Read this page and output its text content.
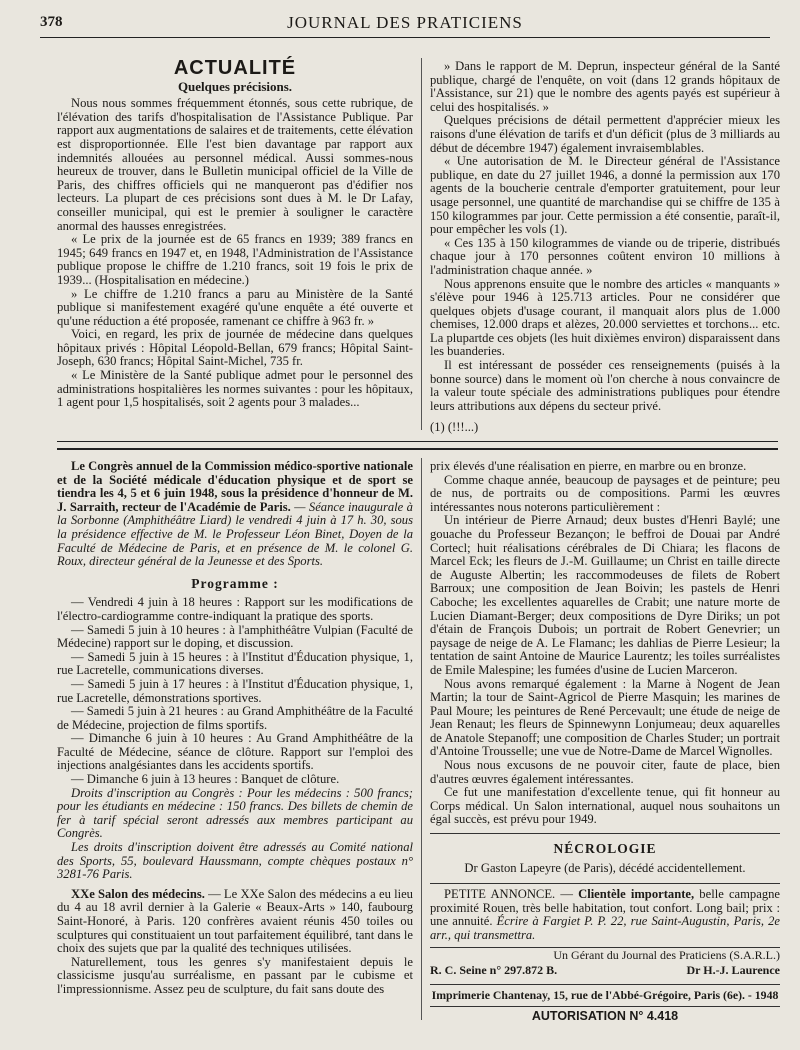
378	JOURNAL DES PRATICIENS
ACTUALITÉ
Quelques précisions.

Nous nous sommes fréquemment étonnés, sous cette rubrique, de l'élévation des tarifs d'hospitalisation de l'Assistance Publique. Par rapport aux augmentations de salaires et de traitements, cette élévation est disproportionnée. Elle l'est bien davantage par rapport aux indemnités allouées au personnel médical. Aussi sommes-nous heureux de trouver, dans le Bulletin municipal officiel de la Ville de Paris, des chiffres officiels qui ne manqueront pas d'édifier nos lecteurs. La plupart de ces précisions sont dues à M. le Dr Lafay, conseiller municipal, qui est le premier à souligner le caractère anormal des hausses enregistrées.

« Le prix de la journée est de 65 francs en 1939; 389 francs en 1945; 649 francs en 1947 et, en 1948, l'Administration de l'Assistance publique propose le chiffre de 1.210 francs, soit 19 fois le prix de 1939... (Hospitalisation en médecine.)

» Le chiffre de 1.210 francs a paru au Ministère de la Santé publique si manifestement exagéré qu'une enquête a été ouverte et qu'une réduction a été proposée, ramenant ce chiffre à 963 fr. »

Voici, en regard, les prix de journée de médecine dans quelques hôpitaux privés : Hôpital Léopold-Bellan, 679 francs; Hôpital Saint-Joseph, 630 francs; Hôpital Saint-Michel, 735 fr.

« Le Ministère de la Santé publique admet pour le personnel des administrations hospitalières les normes suivantes : pour les hôpitaux, 1 agent pour 1,5 hospitalisés, soit 2 agents pour 3 malades...

» Dans le rapport de M. Deprun, inspecteur général de la Santé publique, chargé de l'enquête, on voit (dans 12 grands hôpitaux de l'Assistance, sur 21) que le nombre des agents payés est supérieur à celui des hospitalisés. »

Quelques précisions de détail permettent d'apprécier mieux les raisons d'une élévation de tarifs et d'un déficit (plus de 3 milliards au début de décembre 1947) également invraisemblables.

« Une autorisation de M. le Directeur général de l'Assistance publique, en date du 27 juillet 1946, a donné la permission aux 170 agents de la boucherie centrale d'emporter gratuitement, pour leur usage personnel, une quantité de marchandise qui se chiffre de 135 à 150 kilogrammes par jour. Cette permission a été consentie, paraît-il, pour empêcher les vols (1).

« Ces 135 à 150 kilogrammes de viande ou de triperie, distribués chaque jour à 170 personnes coûtent environ 10 millions à l'administration chaque année. »

Nous apprenons ensuite que le nombre des articles « manquants » s'élève pour 1946 à 125.713 articles. Pour ne considérer que quelques objets d'usage courant, il manquait alors plus de 1.000 chemises, 12.000 draps et alèzes, 20.000 serviettes et torchons... etc. La plupartde ces objets (les huit dixièmes environ) disparaissent dans les buanderies.

Il est intéressant de posséder ces renseignements (puisés à la bonne source) dans le moment où l'on cherche à nous convaincre de la valeur toute spéciale des administrations publiques pour étendre leurs attributions aux dépens du secteur privé.

(1) (!!!...)

Le Congrès annuel de la Commission médico-sportive nationale et de la Société médicale d'éducation physique et de sport se tiendra les 4, 5 et 6 juin 1948, sous la présidence d'honneur de M. J. Sarraith, recteur de l'Académie de Paris. — Séance inaugurale à la Sorbonne (Amphithéâtre Liard) le vendredi 4 juin à 17 h. 30, sous la présidence effective de M. le Professeur Léon Binet, Doyen de la Faculté de Médecine de Paris, et en présence de M. le colonel G. Roux, directeur général de la Jeunesse et des Sports.

Programme :

— Vendredi 4 juin à 18 heures : Rapport sur les modifications de l'électro-cardiogramme contre-indiquant la pratique des sports.

— Samedi 5 juin à 10 heures : à l'amphithéâtre Vulpian (Faculté de Médecine) rapport sur le doping, et discussion.

— Samedi 5 juin à 15 heures : à l'Institut d'Éducation physique, 1, rue Lacretelle, communications diverses.

— Samedi 5 juin à 17 heures : à l'Institut d'Éducation physique, 1, rue Lacretelle, démonstrations sportives.

— Samedi 5 juin à 21 heures : au Grand Amphithéâtre de la Faculté de Médecine, projection de films sportifs.

— Dimanche 6 juin à 10 heures : Au Grand Amphithéâtre de la Faculté de Médecine, séance de clôture. Rapport sur l'emploi des injections analgésiantes dans les accidents sportifs.

— Dimanche 6 juin à 13 heures : Banquet de clôture.

Droits d'inscription au Congrès : Pour les médecins : 500 francs; pour les étudiants en médecine : 150 francs. Des billets de chemin de fer à tarif spécial seront adressés aux membres participant au Congrès.

Les droits d'inscription doivent être adressés au Comité national des Sports, 55, boulevard Haussmann, compte chèques postaux n° 3281-76 Paris.

XXe Salon des médecins. — Le XXe Salon des médecins a eu lieu du 4 au 18 avril dernier à la Galerie « Beaux-Arts » 140, faubourg Saint-Honoré, à Paris. 120 confrères avaient réunis 450 toiles ou sculptures qui constituaient un tout parfaitement équilibré, tant dans le choix des sujets que par la qualité des techniques utilisées.

Naturellement, tous les genres s'y manifestaient depuis le classicisme jusqu'au surréalisme, en passant par le cubisme et l'impressionnisme. Assez peu de sculpture, du fait sans doute des

prix élevés d'une réalisation en pierre, en marbre ou en bronze.

Comme chaque année, beaucoup de paysages et de peinture; peu de nus, de portraits ou de compositions. Parmi les œuvres intéressantes nous noterons particulièrement :

Un intérieur de Pierre Arnaud; deux bustes d'Henri Baylé; une gouache du Professeur Bezançon; le beffroi de Douai par André Cortecl; huit réalisations cérébrales de Di Chiara; les flacons de Marcel Eck; les fleurs de J.-M. Guillaume; un Christ en taille directe de Auguste Albertin; les raccommodeuses de filets de Robert Barroux; une composition de Jean Boivin; les pastels de Henri Caboche; les excellentes aquarelles de Crabit; une nature morte de Lucien Diamant-Berger; deux compositions de Dyre Diriks; un pot d'étain de François Dubois; un portrait de Robert Genevrier; un paysage de neige de A. Le Flamanc; les dahlias de Pierre Lesieur; la tentation de saint Antoine de Maurice Laurentz; les toiles surréalistes de Emile Malespine; les fumées d'usine de Lucien Marceron.

Nous avons remarqué également : la Marne à Nogent de Jean Martin; la tour de Saint-Agricol de Pierre Masquin; les marines de Paul Moure; les peintures de René Percevault; une étude de neige de Jean Renaut; les fleurs de Spinnewynn Lonjumeau; deux aquarelles de Anatole Stepanoff; une composition de Charles Studer; un portrait d'Antoine Trousselle; une vue de Notre-Dame de Marcel Wignolles.

Nous nous excusons de ne pouvoir citer, faute de place, bien d'autres œuvres également intéressantes.

Ce fut une manifestation d'excellente tenue, qui fit honneur au Corps médical. Un Salon international, auquel nous souhaitons un égal succès, est prévu pour 1949.

NÉCROLOGIE

Dr Gaston Lapeyre (de Paris), décédé accidentellement.

PETITE ANNONCE. — Clientèle importante, belle campagne proximité Rouen, très belle habitation, tout confort. Long bail; prix : une annuité. Écrire à Fargiet P. P. 22, rue Saint-Augustin, Paris, 2e arr., qui transmettra.

Un Gérant du Journal des Praticiens (S.A.R.L.)
R. C. Seine n° 297.872 B.	Dr H.-J. Laurence
Imprimerie Chantenay, 15, rue de l'Abbé-Grégoire, Paris (6e). - 1948
AUTORISATION N° 4.418
